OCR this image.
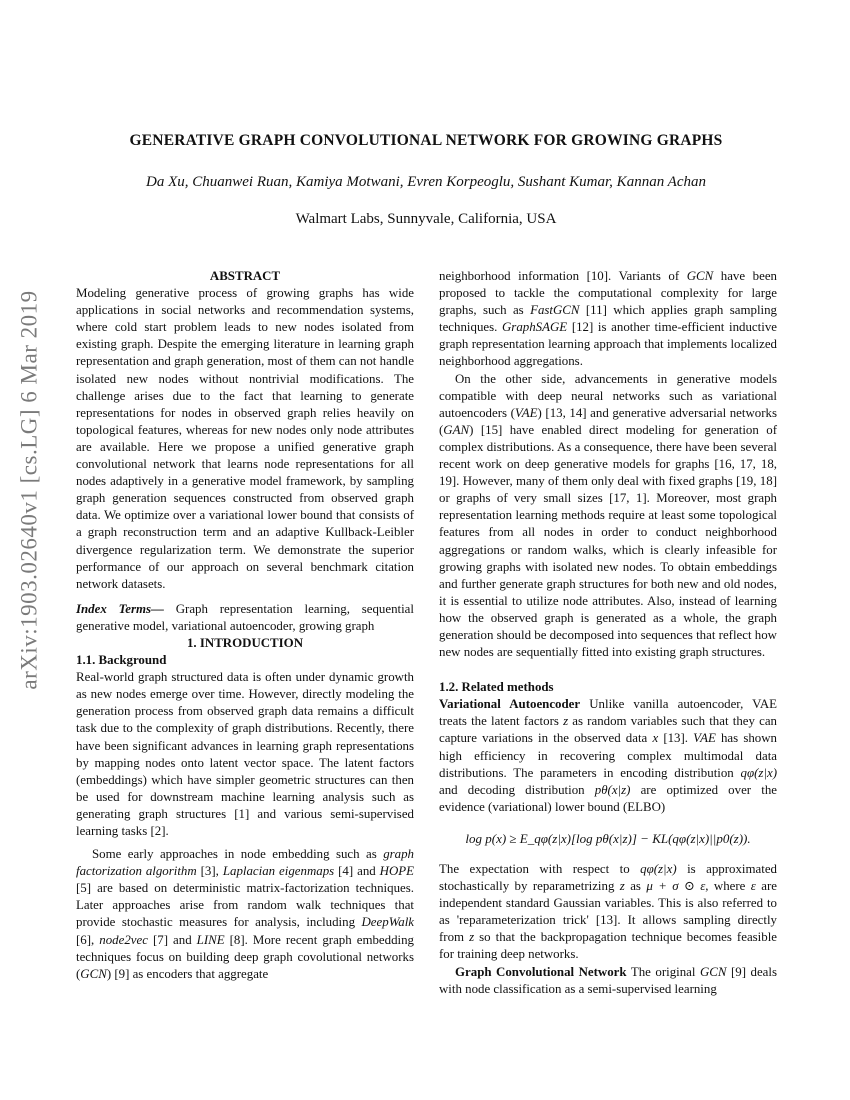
arXiv:1903.02640v1 [cs.LG] 6 Mar 2019
GENERATIVE GRAPH CONVOLUTIONAL NETWORK FOR GROWING GRAPHS
Da Xu, Chuanwei Ruan, Kamiya Motwani, Evren Korpeoglu, Sushant Kumar, Kannan Achan
Walmart Labs, Sunnyvale, California, USA

ABSTRACT

Modeling generative process of growing graphs has wide applications in social networks and recommendation systems, where cold start problem leads to new nodes isolated from existing graph. Despite the emerging literature in learning graph representation and graph generation, most of them can not handle isolated new nodes without nontrivial modifications. The challenge arises due to the fact that learning to generate representations for nodes in observed graph relies heavily on topological features, whereas for new nodes only node attributes are available. Here we propose a unified generative graph convolutional network that learns node representations for all nodes adaptively in a generative model framework, by sampling graph generation sequences constructed from observed graph data. We optimize over a variational lower bound that consists of a graph reconstruction term and an adaptive Kullback-Leibler divergence regularization term. We demonstrate the superior performance of our approach on several benchmark citation network datasets.

Index Terms— Graph representation learning, sequential generative model, variational autoencoder, growing graph

1. INTRODUCTION

1.1. Background

Real-world graph structured data is often under dynamic growth as new nodes emerge over time. However, directly modeling the generation process from observed graph data remains a difficult task due to the complexity of graph distributions. Recently, there have been significant advances in learning graph representations by mapping nodes onto latent vector space. The latent factors (embeddings) which have simpler geometric structures can then be used for downstream machine learning analysis such as generating graph structures [1] and various semi-supervised learning tasks [2].

Some early approaches in node embedding such as graph factorization algorithm [3], Laplacian eigenmaps [4] and HOPE [5] are based on deterministic matrix-factorization techniques. Later approaches arise from random walk techniques that provide stochastic measures for analysis, including DeepWalk [6], node2vec [7] and LINE [8]. More recent graph embedding techniques focus on building deep graph covolutional networks (GCN) [9] as encoders that aggregate

neighborhood information [10]. Variants of GCN have been proposed to tackle the computational complexity for large graphs, such as FastGCN [11] which applies graph sampling techniques. GraphSAGE [12] is another time-efficient inductive graph representation learning approach that implements localized neighborhood aggregations.

On the other side, advancements in generative models compatible with deep neural networks such as variational autoencoders (VAE) [13, 14] and generative adversarial networks (GAN) [15] have enabled direct modeling for generation of complex distributions. As a consequence, there have been several recent work on deep generative models for graphs [16, 17, 18, 19]. However, many of them only deal with fixed graphs [19, 18] or graphs of very small sizes [17, 1]. Moreover, most graph representation learning methods require at least some topological features from all nodes in order to conduct neighborhood aggregations or random walks, which is clearly infeasible for growing graphs with isolated new nodes. To obtain embeddings and further generate graph structures for both new and old nodes, it is essential to utilize node attributes. Also, instead of learning how the observed graph is generated as a whole, the graph generation should be decomposed into sequences that reflect how new nodes are sequentially fitted into existing graph structures.

1.2. Related methods

Variational Autoencoder Unlike vanilla autoencoder, VAE treats the latent factors z as random variables such that they can capture variations in the observed data x [13]. VAE has shown high efficiency in recovering complex multimodal data distributions. The parameters in encoding distribution qφ(z|x) and decoding distribution pθ(x|z) are optimized over the evidence (variational) lower bound (ELBO)

log p(x) ≥ E_qφ(z|x)[log pθ(x|z)] − KL(qφ(z|x)||p0(z)).

The expectation with respect to qφ(z|x) is approximated stochastically by reparametrizing z as μ + σ ⊙ ε, where ε are independent standard Gaussian variables. This is also referred to as 'reparameterization trick' [13]. It allows sampling directly from z so that the backpropagation technique becomes feasible for training deep networks.

Graph Convolutional Network The original GCN [9] deals with node classification as a semi-supervised learning
